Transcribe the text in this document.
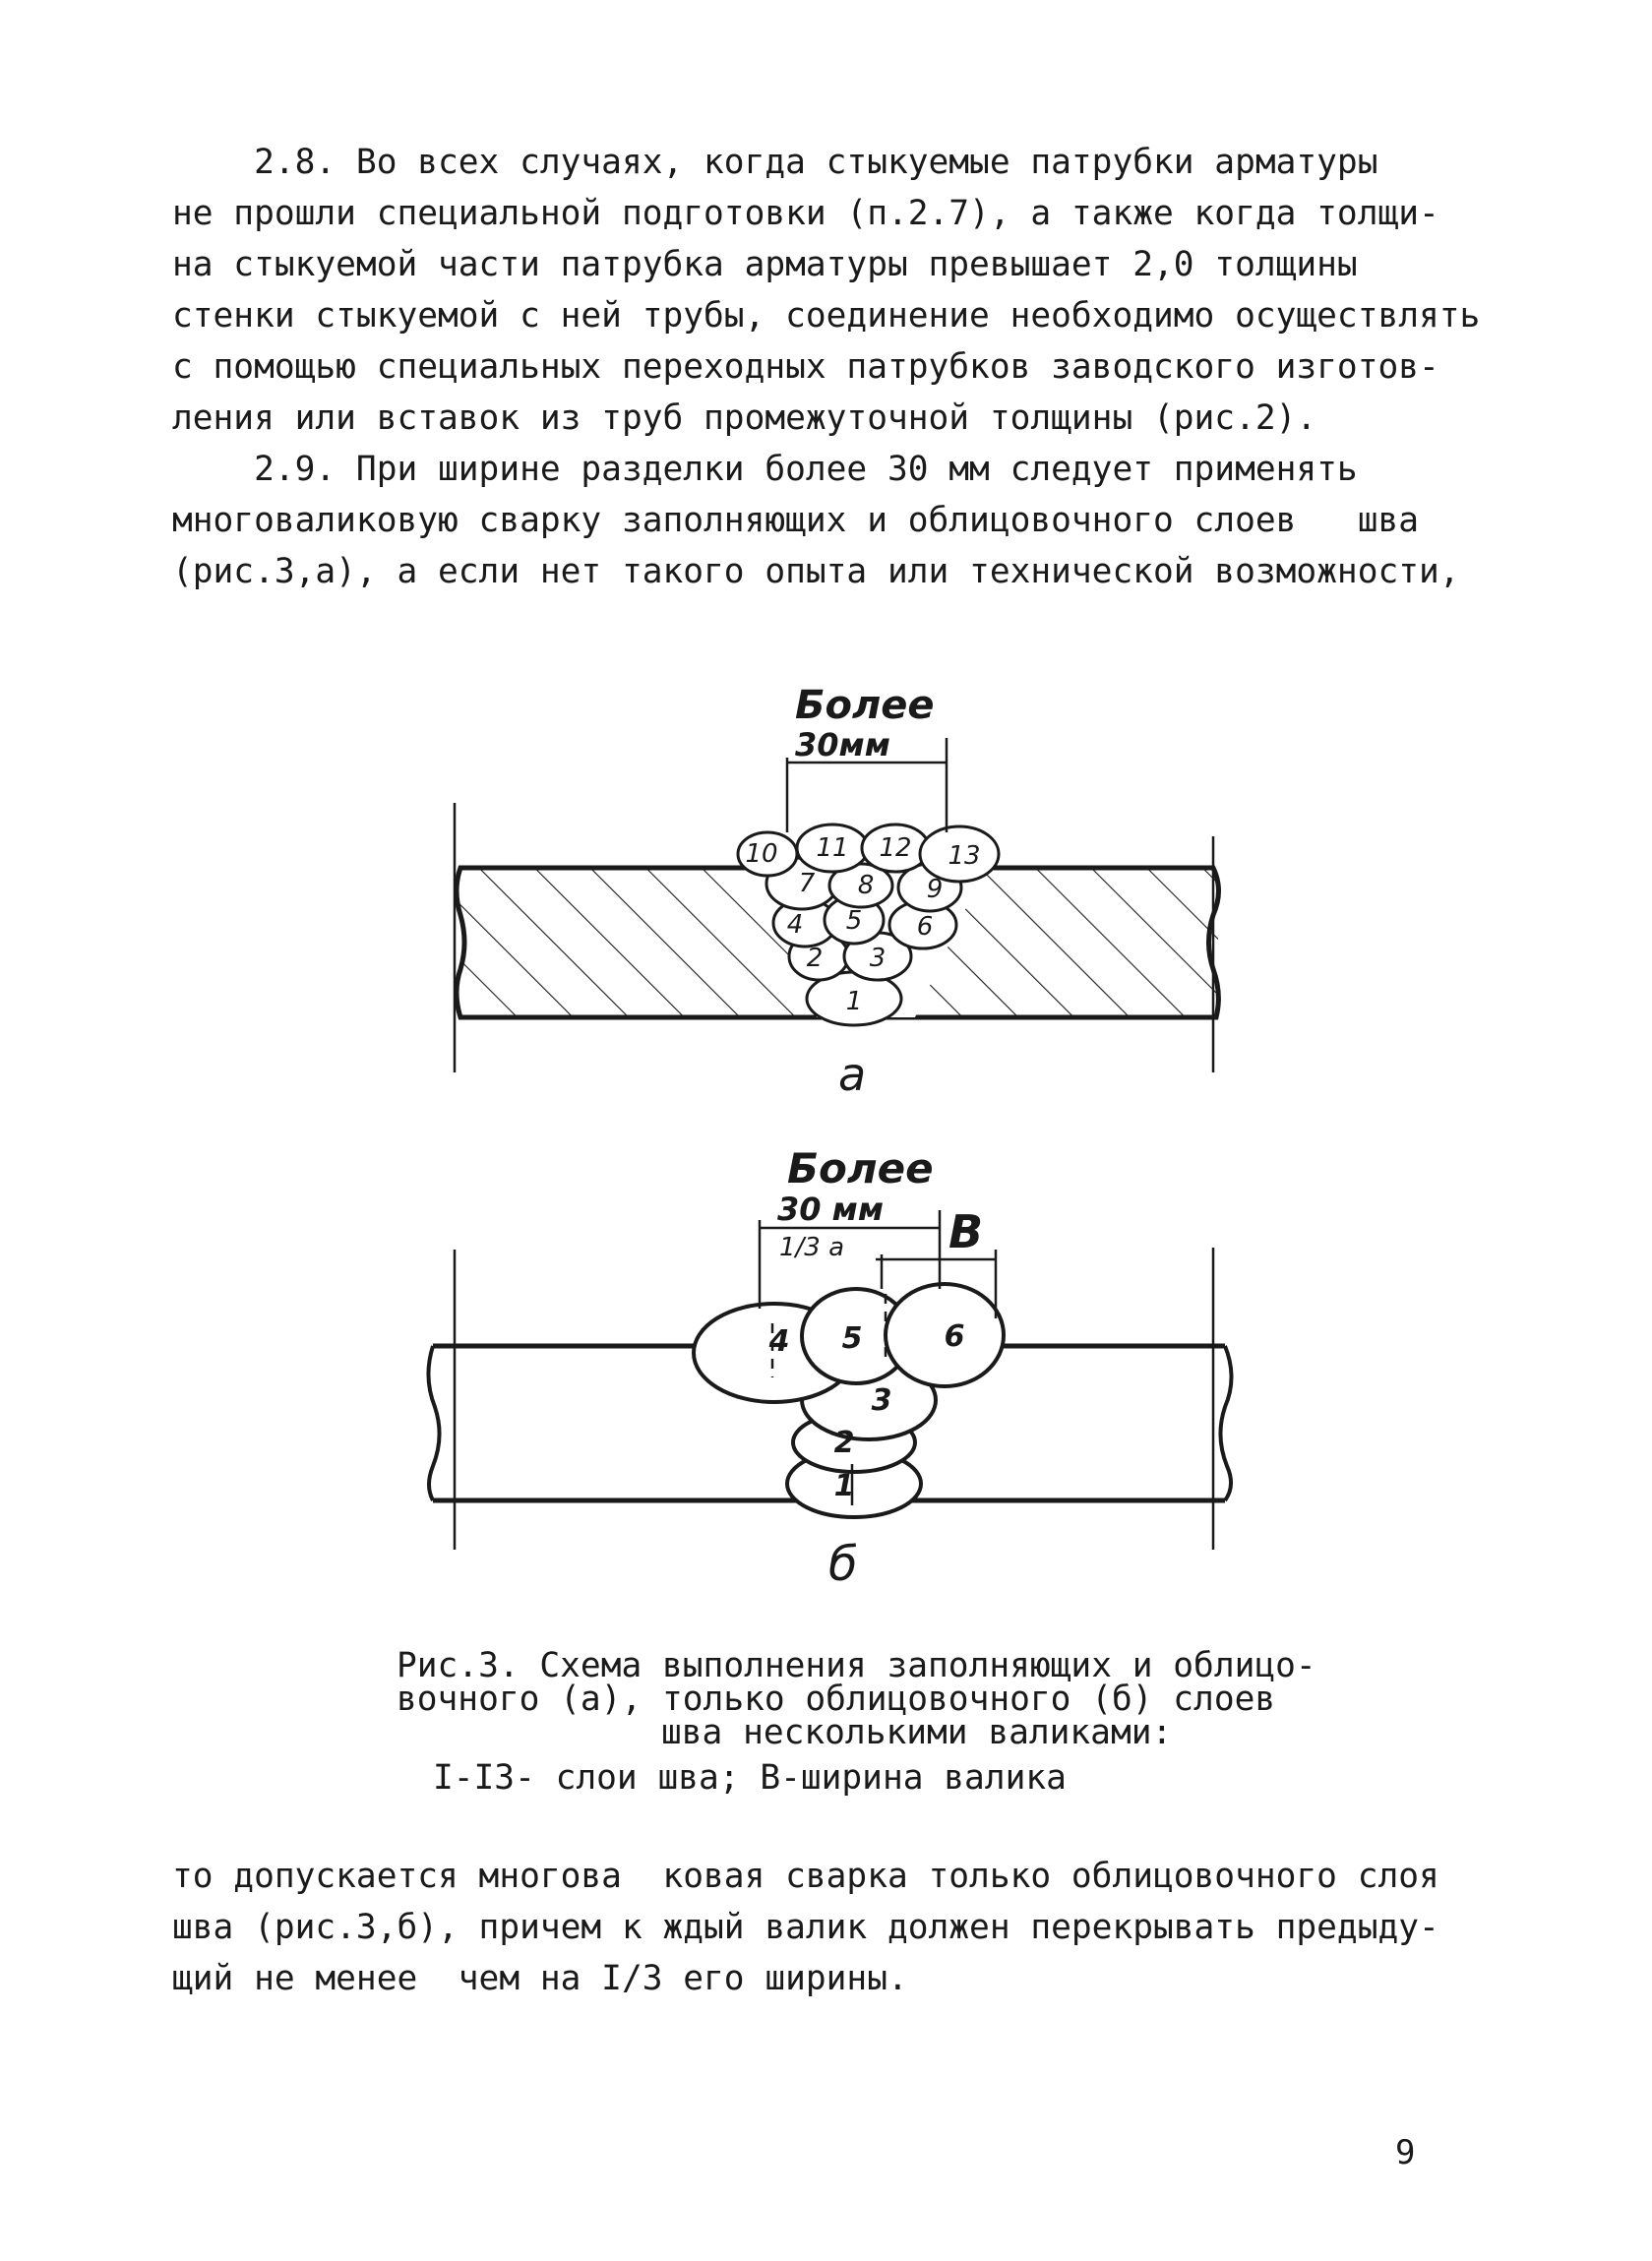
2.8. Во всех случаях, когда стыкуемые патрубки арматуры
не прошли специальной подготовки (п.2.7), а также когда толщи-
на стыкуемой части патрубка арматуры превышает 2,0 толщины
стенки стыкуемой с ней трубы, соединение необходимо осуществлять
с помощью специальных переходных патрубков заводского изготов-
ления или вставок из труб промежуточной толщины (рис.2).
2.9. При ширине разделки более 30 мм следует применять
многоваликовую сварку заполняющих и облицовочного слоев   шва
(рис.3,а), а если нет такого опыта или технической возможности,
1
2 3
4 5 6
7 8 9
10 11 12 13
Более
30мм
а
1
2
3
4 5	6
Более
30 мм
1/3 а В
б
Рис.3. Схема выполнения заполняющих и облицо-
вочного (а), только облицовочного (б) слоев
шва несколькими валиками:
I-I3- слои шва; В-ширина валика
то допускается многова  ковая сварка только облицовочного слоя
шва (рис.3,б), причем к ждый валик должен перекрывать предыду-
щий не менее  чем на I/3 его ширины.
9
